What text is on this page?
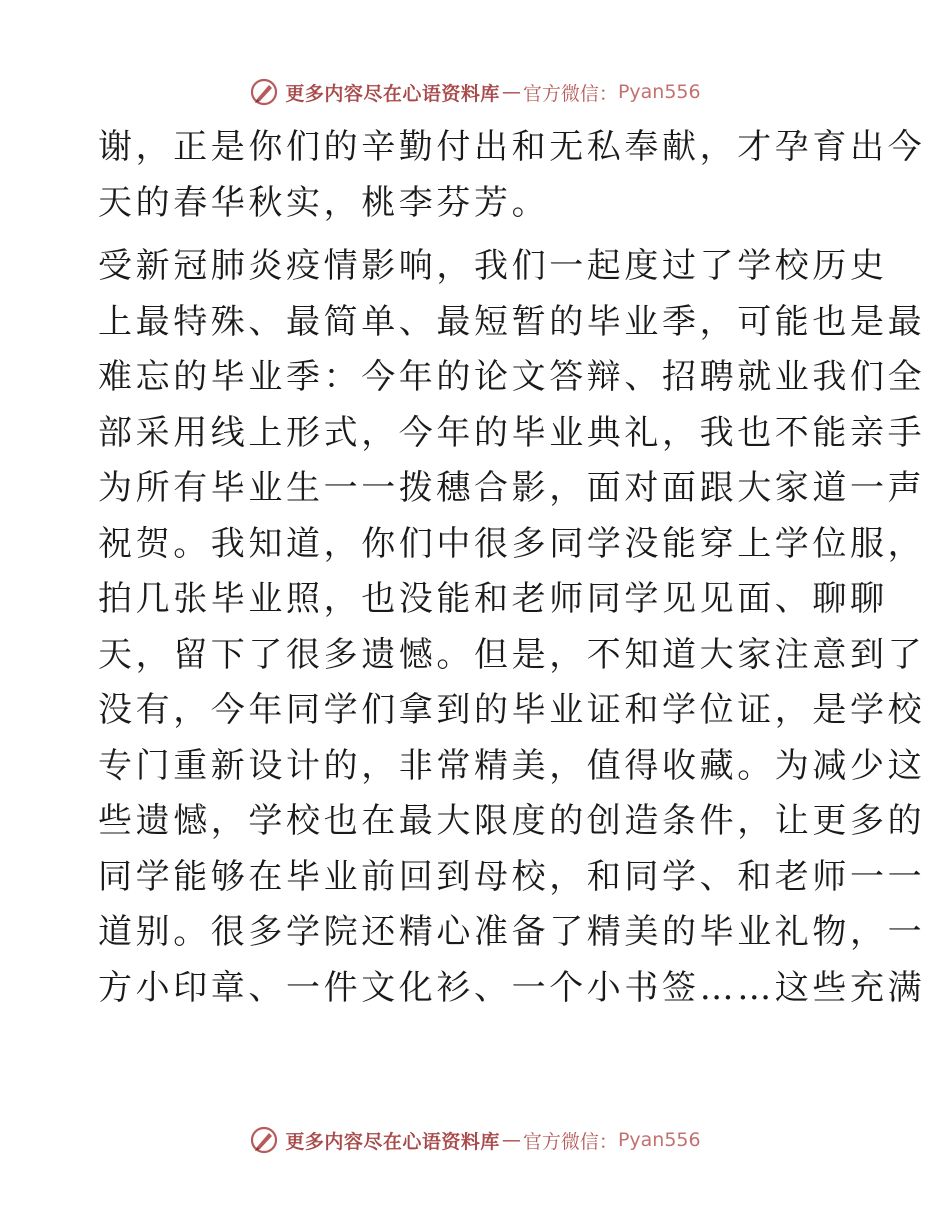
更多内容尽在心语资料库 — 官方微信： Pyan556

谢，正是你们的辛勤付出和无私奉献，才孕育出今
天的春华秋实，桃李芬芳。

受新冠肺炎疫情影响，我们一起度过了学校历史
上最特殊、最简单、最短暂的毕业季，可能也是最
难忘的毕业季：今年的论文答辩、招聘就业我们全
部采用线上形式，今年的毕业典礼，我也不能亲手
为所有毕业生一一拨穗合影，面对面跟大家道一声
祝贺。我知道，你们中很多同学没能穿上学位服，
拍几张毕业照，也没能和老师同学见见面、聊聊
天，留下了很多遗憾。但是，不知道大家注意到了
没有，今年同学们拿到的毕业证和学位证，是学校
专门重新设计的，非常精美，值得收藏。为减少这
些遗憾，学校也在最大限度的创造条件，让更多的
同学能够在毕业前回到母校，和同学、和老师一一
道别。很多学院还精心准备了精美的毕业礼物，一
方小印章、一件文化衫、一个小书签……这些充满

更多内容尽在心语资料库 — 官方微信： Pyan556
